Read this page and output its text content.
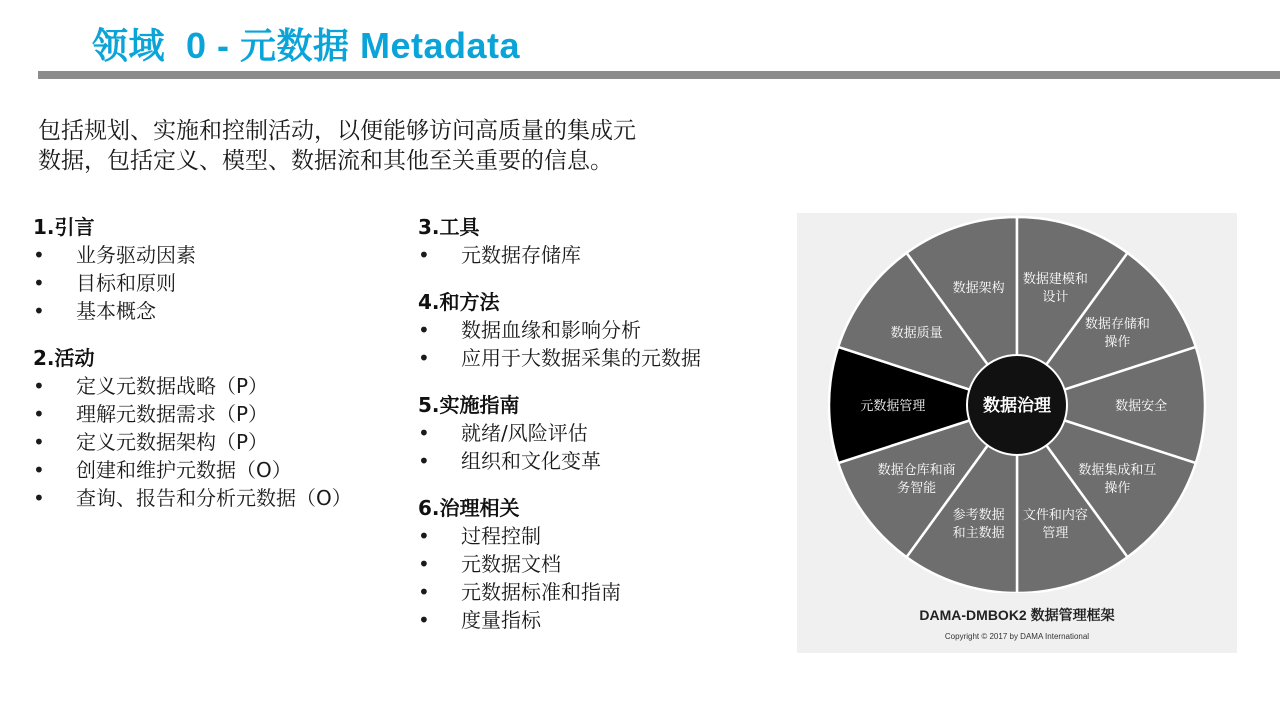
领域  0 - 元数据 Metadata
包括规划、实施和控制活动，以便能够访问高质量的集成元
数据，包括定义、模型、数据流和其他至关重要的信息。
1.引言
• 业务驱动因素
• 目标和原则
• 基本概念
2.活动
• 定义元数据战略（P）
• 理解元数据需求（P）
• 定义元数据架构（P）
• 创建和维护元数据（O）
• 查询、报告和分析元数据（O）
3.工具
• 元数据存储库
4.和方法
• 数据血缘和影响分析
• 应用于大数据采集的元数据
5.实施指南
• 就绪/风险评估
• 组织和文化变革
6.治理相关
• 过程控制
• 元数据文档
• 元数据标准和指南
• 度量指标
数据架构
数据建模和设计
数据存储和操作
数据安全
数据集成和互操作
文件和内容管理
参考数据和主数据
数据仓库和商务智能
元数据管理
数据质量
数据治理
DAMA-DMBOK2 数据管理框架
Copyright © 2017 by DAMA International
